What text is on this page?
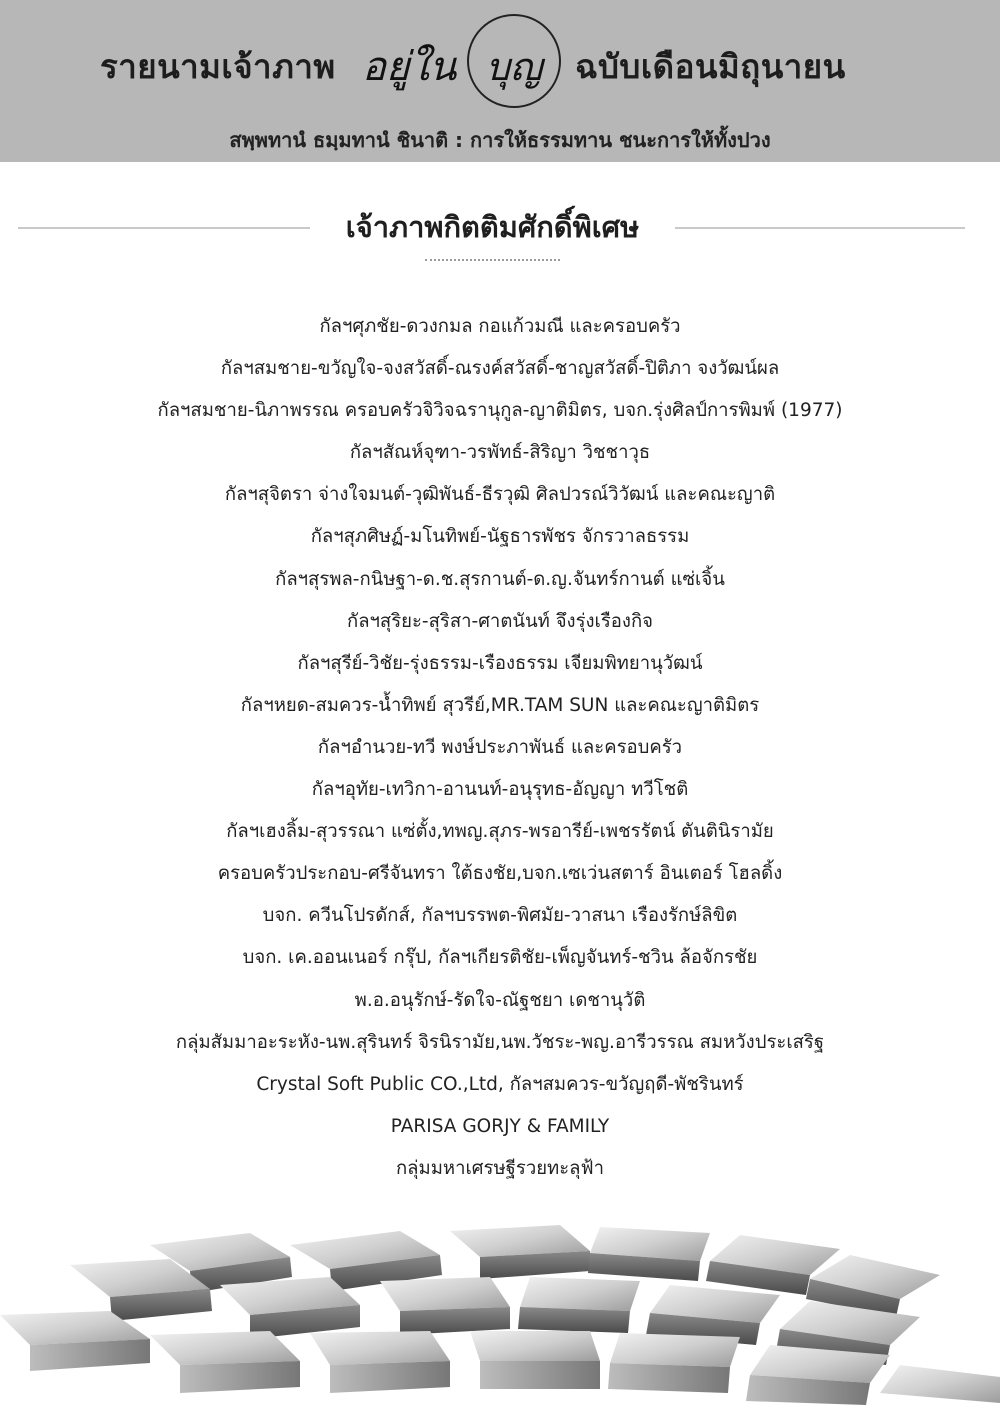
รายนามเจ้าภาพ อยู่ใน บุญ ฉบับเดือนมิถุนายน
สพฺพทานํ ธมฺมทานํ ชินาติ : การให้ธรรมทาน ชนะการให้ทั้งปวง
เจ้าภาพกิตติมศักดิ์พิเศษ
กัลฯศุภชัย-ดวงกมล กอแก้วมณี และครอบครัว
กัลฯสมชาย-ขวัญใจ-จงสวัสดิ์-ณรงค์สวัสดิ์-ชาญสวัสดิ์-ปิติภา จงวัฒน์ผล
กัลฯสมชาย-นิภาพรรณ ครอบครัวจิวิจฉรานุกูล-ญาติมิตร, บจก.รุ่งศิลป์การพิมพ์ (1977)
กัลฯสัณห์จุฑา-วรพัทธ์-สิริญา วิชชาวุธ
กัลฯสุจิตรา จ่างใจมนต์-วุฒิพันธ์-ธีรวุฒิ ศิลปวรณ์วิวัฒน์ และคณะญาติ
กัลฯสุภศิษฏ์-มโนทิพย์-นัฐธารพัชร จักรวาลธรรม
กัลฯสุรพล-กนิษฐา-ด.ช.สุรกานต์-ด.ญ.จันทร์กานต์ แซ่เจิ้น
กัลฯสุริยะ-สุริสา-ศาตนันท์ จึงรุ่งเรืองกิจ
กัลฯสุรีย์-วิชัย-รุ่งธรรม-เรืองธรรม เจียมพิทยานุวัฒน์
กัลฯหยด-สมควร-น้ำทิพย์ สุวรีย์,MR.TAM SUN และคณะญาติมิตร
กัลฯอำนวย-ทวี พงษ์ประภาพันธ์ และครอบครัว
กัลฯอุทัย-เทวิกา-อานนท์-อนุรุทธ-อัญญา ทวีโชติ
กัลฯเฮงลิ้ม-สุวรรณา แซ่ตั้ง,ทพญ.สุภร-พรอารีย์-เพชรรัตน์ ตันตินิรามัย
ครอบครัวประกอบ-ศรีจันทรา ใต้ธงชัย,บจก.เซเว่นสตาร์ อินเตอร์ โฮลดิ้ง
บจก. ควีนโปรดักส์, กัลฯบรรพต-พิศมัย-วาสนา เรืองรักษ์ลิขิต
บจก. เค.ออนเนอร์ กรุ๊ป, กัลฯเกียรติชัย-เพ็ญจันทร์-ชวิน ล้อจักรชัย
พ.อ.อนุรักษ์-รัดใจ-ณัฐชยา เดชานุวัติ
กลุ่มสัมมาอะระหัง-นพ.สุรินทร์ จิรนิรามัย,นพ.วัชระ-พญ.อารีวรรณ สมหวังประเสริฐ
Crystal Soft Public CO.,Ltd, กัลฯสมควร-ขวัญฤดี-พัชรินทร์
PARISA GORJY & FAMILY
กลุ่มมหาเศรษฐีรวยทะลุฟ้า
